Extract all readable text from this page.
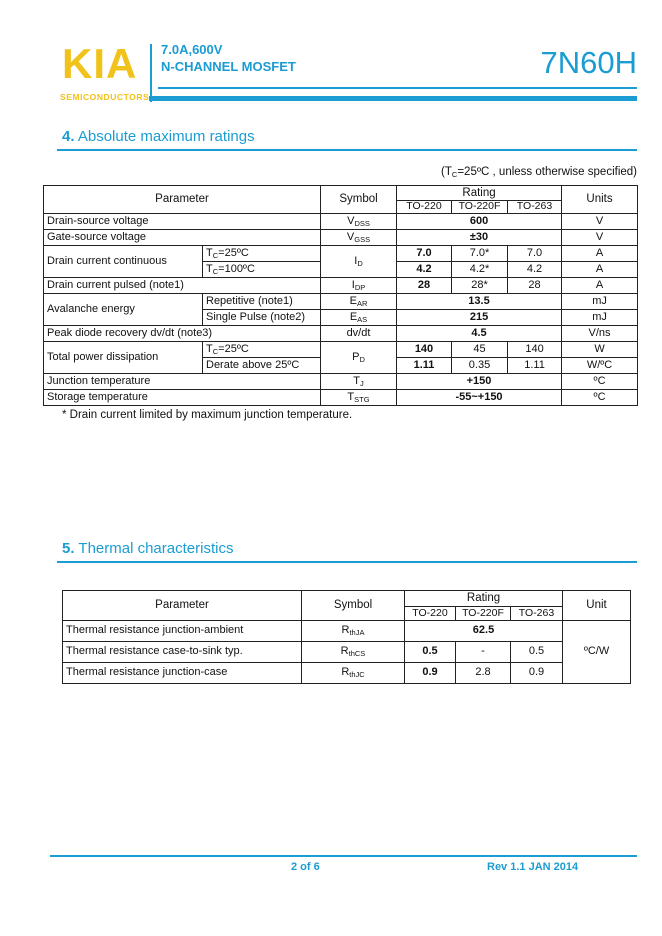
KIA
SEMICONDUCTORS
7.0A,600V
N-CHANNEL MOSFET	7N60H
4. Absolute maximum ratings
($T_C=25ºC$ , unless otherwise specified)
Parameter		Symbol	Rating			Units
			TO-220	TO-220F	TO-263	
Drain-source voltage		$V_{DSS}$	600			V
Gate-source voltage		$V_{GSS}$	±30			V
Drain current continuous	$T_C=25ºC$	$I_D$	7.0	7.0*	7.0	A
	$T_C=100ºC$		4.2	4.2*	4.2	A
Drain current pulsed (note1)		$I_{DP}$	28	28*	28	A
Avalanche energy	Repetitive (note1)	$E_{AR}$	13.5			mJ
	Single Pulse (note2)	$E_{AS}$	215			mJ
Peak diode recovery dv/dt (note3)		dv/dt	4.5			V/ns
Total power dissipation	$T_C=25ºC$	$P_D$	140	45	140	W
	Derate above 25ºC		1.11	0.35	1.11	W/ºC
Junction temperature		$T_J$	+150			ºC
Storage temperature		$T_{STG}$	-55~+150			ºC
* Drain current limited by maximum junction temperature.
5. Thermal characteristics
Parameter	Symbol	Rating			Unit
		TO-220	TO-220F	TO-263	
Thermal resistance junction-ambient	$R_{thJA}$	62.5			ºC/W
Thermal resistance case-to-sink typ.	$R_{thCS}$	0.5	-	0.5	
Thermal resistance junction-case	$R_{thJC}$	0.9	2.8	0.9	
2 of 6	Rev 1.1 JAN 2014
